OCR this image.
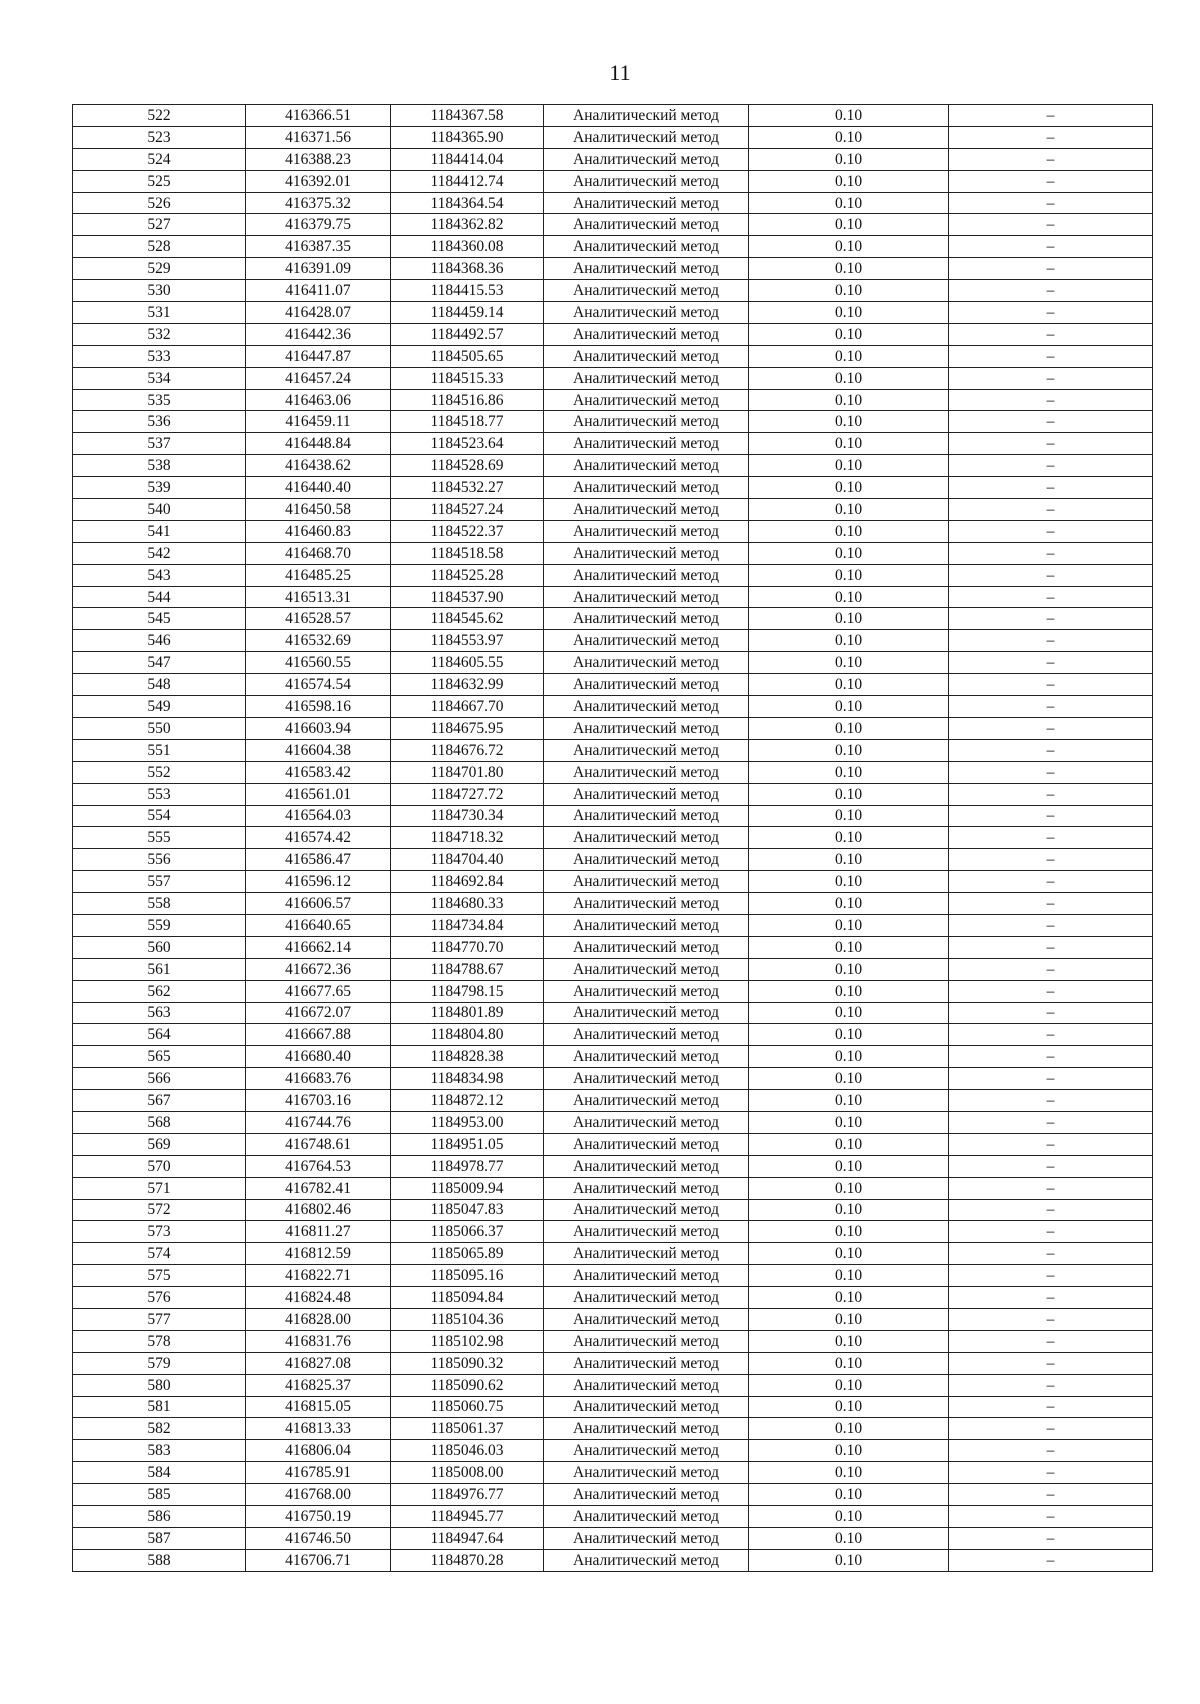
11
522	416366.51	1184367.58	Аналитический метод	0.10	–
523	416371.56	1184365.90	Аналитический метод	0.10	–
524	416388.23	1184414.04	Аналитический метод	0.10	–
525	416392.01	1184412.74	Аналитический метод	0.10	–
526	416375.32	1184364.54	Аналитический метод	0.10	–
527	416379.75	1184362.82	Аналитический метод	0.10	–
528	416387.35	1184360.08	Аналитический метод	0.10	–
529	416391.09	1184368.36	Аналитический метод	0.10	–
530	416411.07	1184415.53	Аналитический метод	0.10	–
531	416428.07	1184459.14	Аналитический метод	0.10	–
532	416442.36	1184492.57	Аналитический метод	0.10	–
533	416447.87	1184505.65	Аналитический метод	0.10	–
534	416457.24	1184515.33	Аналитический метод	0.10	–
535	416463.06	1184516.86	Аналитический метод	0.10	–
536	416459.11	1184518.77	Аналитический метод	0.10	–
537	416448.84	1184523.64	Аналитический метод	0.10	–
538	416438.62	1184528.69	Аналитический метод	0.10	–
539	416440.40	1184532.27	Аналитический метод	0.10	–
540	416450.58	1184527.24	Аналитический метод	0.10	–
541	416460.83	1184522.37	Аналитический метод	0.10	–
542	416468.70	1184518.58	Аналитический метод	0.10	–
543	416485.25	1184525.28	Аналитический метод	0.10	–
544	416513.31	1184537.90	Аналитический метод	0.10	–
545	416528.57	1184545.62	Аналитический метод	0.10	–
546	416532.69	1184553.97	Аналитический метод	0.10	–
547	416560.55	1184605.55	Аналитический метод	0.10	–
548	416574.54	1184632.99	Аналитический метод	0.10	–
549	416598.16	1184667.70	Аналитический метод	0.10	–
550	416603.94	1184675.95	Аналитический метод	0.10	–
551	416604.38	1184676.72	Аналитический метод	0.10	–
552	416583.42	1184701.80	Аналитический метод	0.10	–
553	416561.01	1184727.72	Аналитический метод	0.10	–
554	416564.03	1184730.34	Аналитический метод	0.10	–
555	416574.42	1184718.32	Аналитический метод	0.10	–
556	416586.47	1184704.40	Аналитический метод	0.10	–
557	416596.12	1184692.84	Аналитический метод	0.10	–
558	416606.57	1184680.33	Аналитический метод	0.10	–
559	416640.65	1184734.84	Аналитический метод	0.10	–
560	416662.14	1184770.70	Аналитический метод	0.10	–
561	416672.36	1184788.67	Аналитический метод	0.10	–
562	416677.65	1184798.15	Аналитический метод	0.10	–
563	416672.07	1184801.89	Аналитический метод	0.10	–
564	416667.88	1184804.80	Аналитический метод	0.10	–
565	416680.40	1184828.38	Аналитический метод	0.10	–
566	416683.76	1184834.98	Аналитический метод	0.10	–
567	416703.16	1184872.12	Аналитический метод	0.10	–
568	416744.76	1184953.00	Аналитический метод	0.10	–
569	416748.61	1184951.05	Аналитический метод	0.10	–
570	416764.53	1184978.77	Аналитический метод	0.10	–
571	416782.41	1185009.94	Аналитический метод	0.10	–
572	416802.46	1185047.83	Аналитический метод	0.10	–
573	416811.27	1185066.37	Аналитический метод	0.10	–
574	416812.59	1185065.89	Аналитический метод	0.10	–
575	416822.71	1185095.16	Аналитический метод	0.10	–
576	416824.48	1185094.84	Аналитический метод	0.10	–
577	416828.00	1185104.36	Аналитический метод	0.10	–
578	416831.76	1185102.98	Аналитический метод	0.10	–
579	416827.08	1185090.32	Аналитический метод	0.10	–
580	416825.37	1185090.62	Аналитический метод	0.10	–
581	416815.05	1185060.75	Аналитический метод	0.10	–
582	416813.33	1185061.37	Аналитический метод	0.10	–
583	416806.04	1185046.03	Аналитический метод	0.10	–
584	416785.91	1185008.00	Аналитический метод	0.10	–
585	416768.00	1184976.77	Аналитический метод	0.10	–
586	416750.19	1184945.77	Аналитический метод	0.10	–
587	416746.50	1184947.64	Аналитический метод	0.10	–
588	416706.71	1184870.28	Аналитический метод	0.10	–
